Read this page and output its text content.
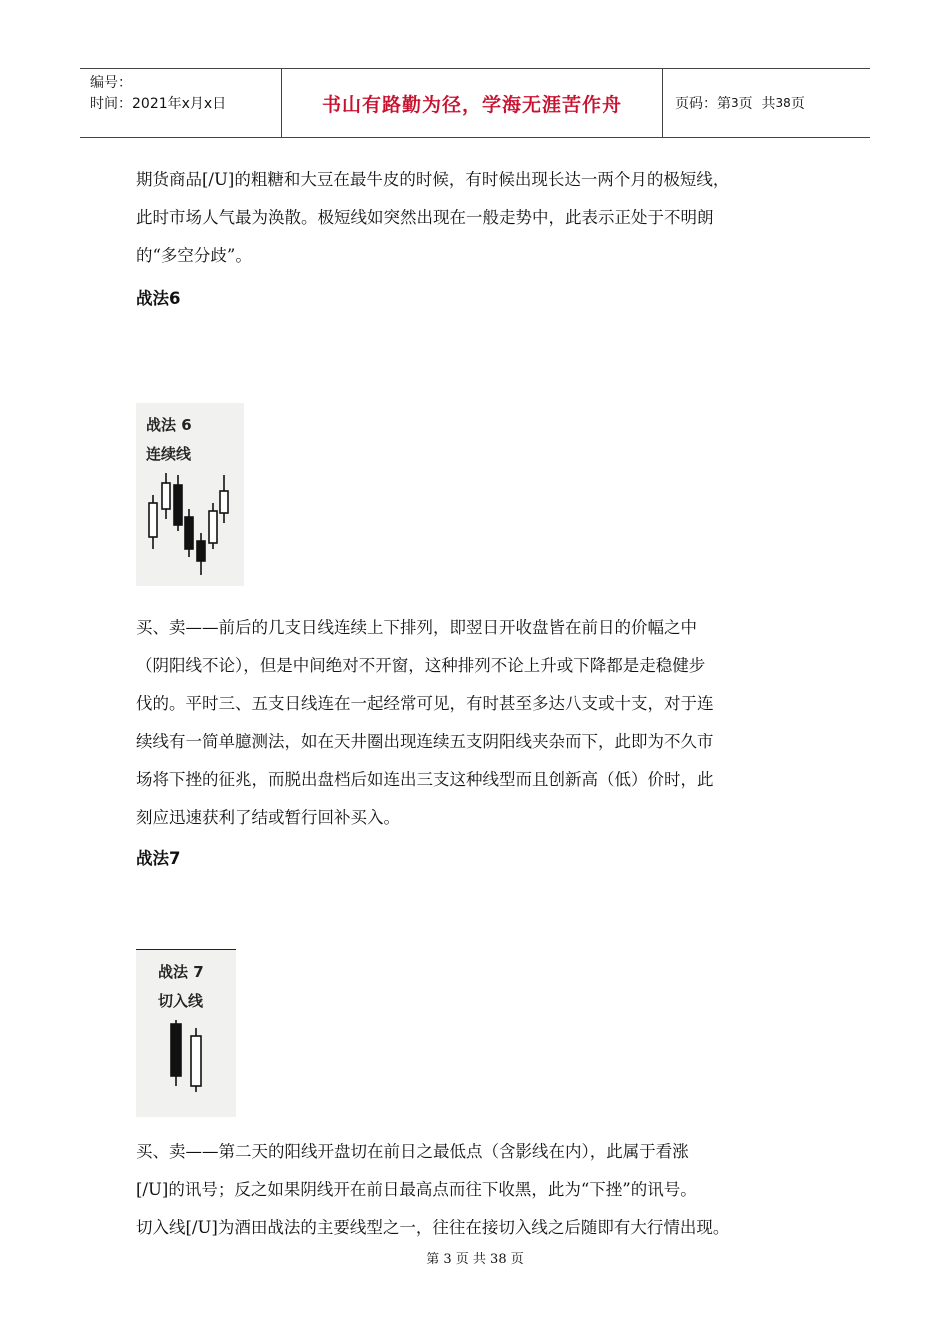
编号：
时间：2021年x月x日	书山有路勤为径，学海无涯苦作舟	页码：第 3 页  共 38 页
期货商品[/U]的粗糖和大豆在最牛皮的时候，有时候出现长达一两个月的极短线，
此时市场人气最为涣散。极短线如突然出现在一般走势中，此表示正处于不明朗
的“多空分歧”。
战法6
战法 6
连续线
买、卖——前后的几支日线连续上下排列，即翌日开收盘皆在前日的价幅之中
（阴阳线不论），但是中间绝对不开窗，这种排列不论上升或下降都是走稳健步
伐的。平时三、五支日线连在一起经常可见，有时甚至多达八支或十支，对于连
续线有一简单臆测法，如在天井圈出现连续五支阴阳线夹杂而下，此即为不久市
场将下挫的征兆，而脱出盘档后如连出三支这种线型而且创新高（低）价时，此
刻应迅速获利了结或暂行回补买入。
战法7
战法 7
切入线
买、卖——第二天的阳线开盘切在前日之最低点（含影线在内），此属于看涨
[/U]的讯号；反之如果阴线开在前日最高点而往下收黑，此为“下挫”的讯号。
切入线[/U]为酒田战法的主要线型之一，往往在接切入线之后随即有大行情出现。
第 3 页 共 38 页
